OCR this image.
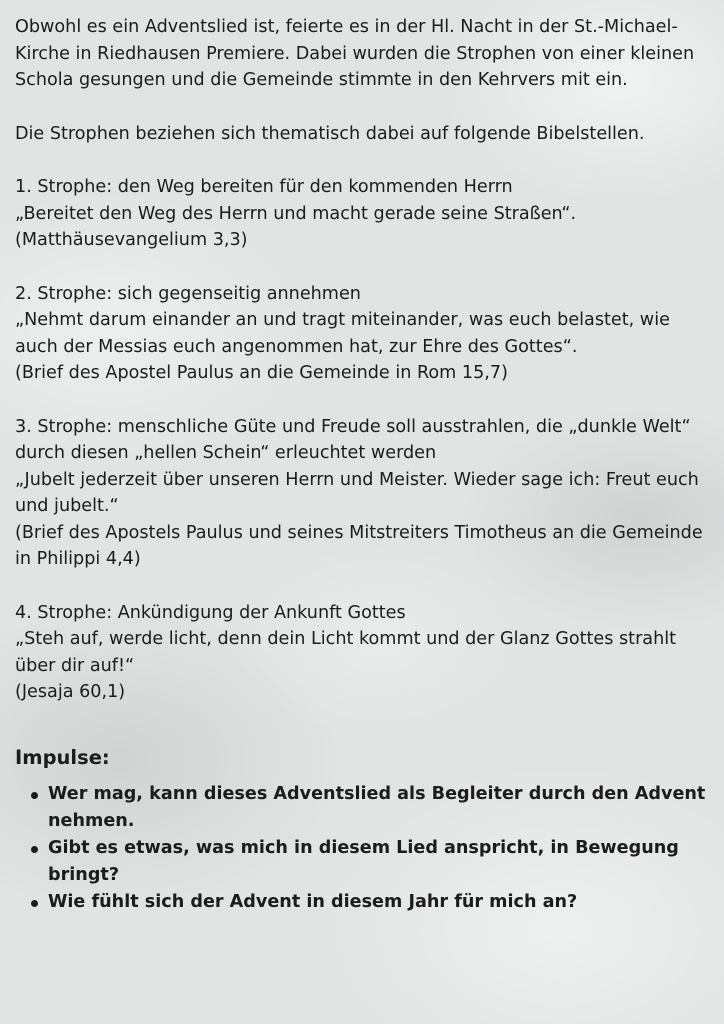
Obwohl es ein Adventslied ist, feierte es in der Hl. Nacht in der St.-Michael-Kirche in Riedhausen Premiere. Dabei wurden die Strophen von einer kleinen Schola gesungen und die Gemeinde stimmte in den Kehrvers mit ein.

Die Strophen beziehen sich thematisch dabei auf folgende Bibelstellen.

1. Strophe: den Weg bereiten für den kommenden Herrn
„Bereitet den Weg des Herrn und macht gerade seine Straßen“.
(Matthäusevangelium 3,3)
2. Strophe: sich gegenseitig annehmen
„Nehmt darum einander an und tragt miteinander, was euch belastet, wie auch der Messias euch angenommen hat, zur Ehre des Gottes“.
(Brief des Apostel Paulus an die Gemeinde in Rom 15,7)
3. Strophe: menschliche Güte und Freude soll ausstrahlen, die „dunkle Welt“ durch diesen „hellen Schein“ erleuchtet werden
„Jubelt jederzeit über unseren Herrn und Meister. Wieder sage ich: Freut euch und jubelt.“
(Brief des Apostels Paulus und seines Mitstreiters Timotheus an die Gemeinde in Philippi 4,4)
4. Strophe: Ankündigung der Ankunft Gottes
„Steh auf, werde licht, denn dein Licht kommt und der Glanz Gottes strahlt über dir auf!“
(Jesaja 60,1)
Impulse:
Wer mag, kann dieses Adventslied als Begleiter durch den Advent nehmen.
Gibt es etwas, was mich in diesem Lied anspricht, in Bewegung bringt?
Wie fühlt sich der Advent in diesem Jahr für mich an?
